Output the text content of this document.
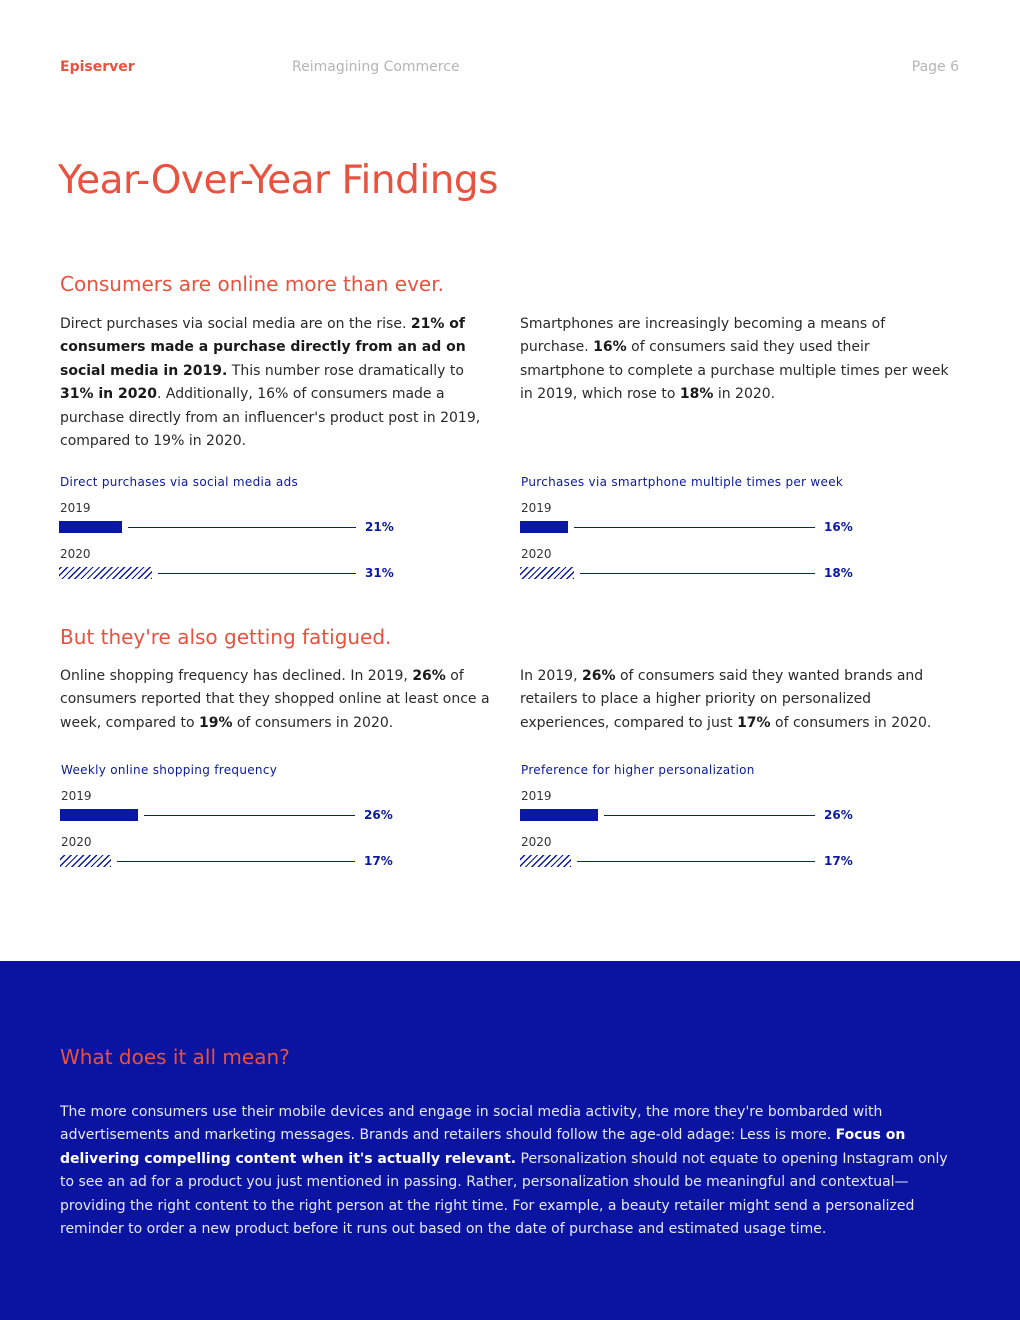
Episerver	Reimagining Commerce	Page 6
Year-Over-Year Findings
Consumers are online more than ever.

Direct purchases via social media are on the rise. 21% of consumers made a purchase directly from an ad on social media in 2019. This number rose dramatically to 31% in 2020. Additionally, 16% of consumers made a purchase directly from an influencer's product post in 2019, compared to 19% in 2020.

Smartphones are increasingly becoming a means of purchase. 16% of consumers said they used their smartphone to complete a purchase multiple times per week in 2019, which rose to 18% in 2020.

Direct purchases via social media ads
2019
21%
2020
31%
Purchases via smartphone multiple times per week
2019
16%
2020
18%
But they're also getting fatigued.

Online shopping frequency has declined. In 2019, 26% of consumers reported that they shopped online at least once a week, compared to 19% of consumers in 2020.

In 2019, 26% of consumers said they wanted brands and retailers to place a higher priority on personalized experiences, compared to just 17% of consumers in 2020.

Weekly online shopping frequency
2019
26%
2020
17%
Preference for higher personalization
2019
26%
2020
17%
What does it all mean?

The more consumers use their mobile devices and engage in social media activity, the more they're bombarded with advertisements and marketing messages. Brands and retailers should follow the age-old adage: Less is more. Focus on delivering compelling content when it's actually relevant. Personalization should not equate to opening Instagram only to see an ad for a product you just mentioned in passing. Rather, personalization should be meaningful and contextual—providing the right content to the right person at the right time. For example, a beauty retailer might send a personalized reminder to order a new product before it runs out based on the date of purchase and estimated usage time.
